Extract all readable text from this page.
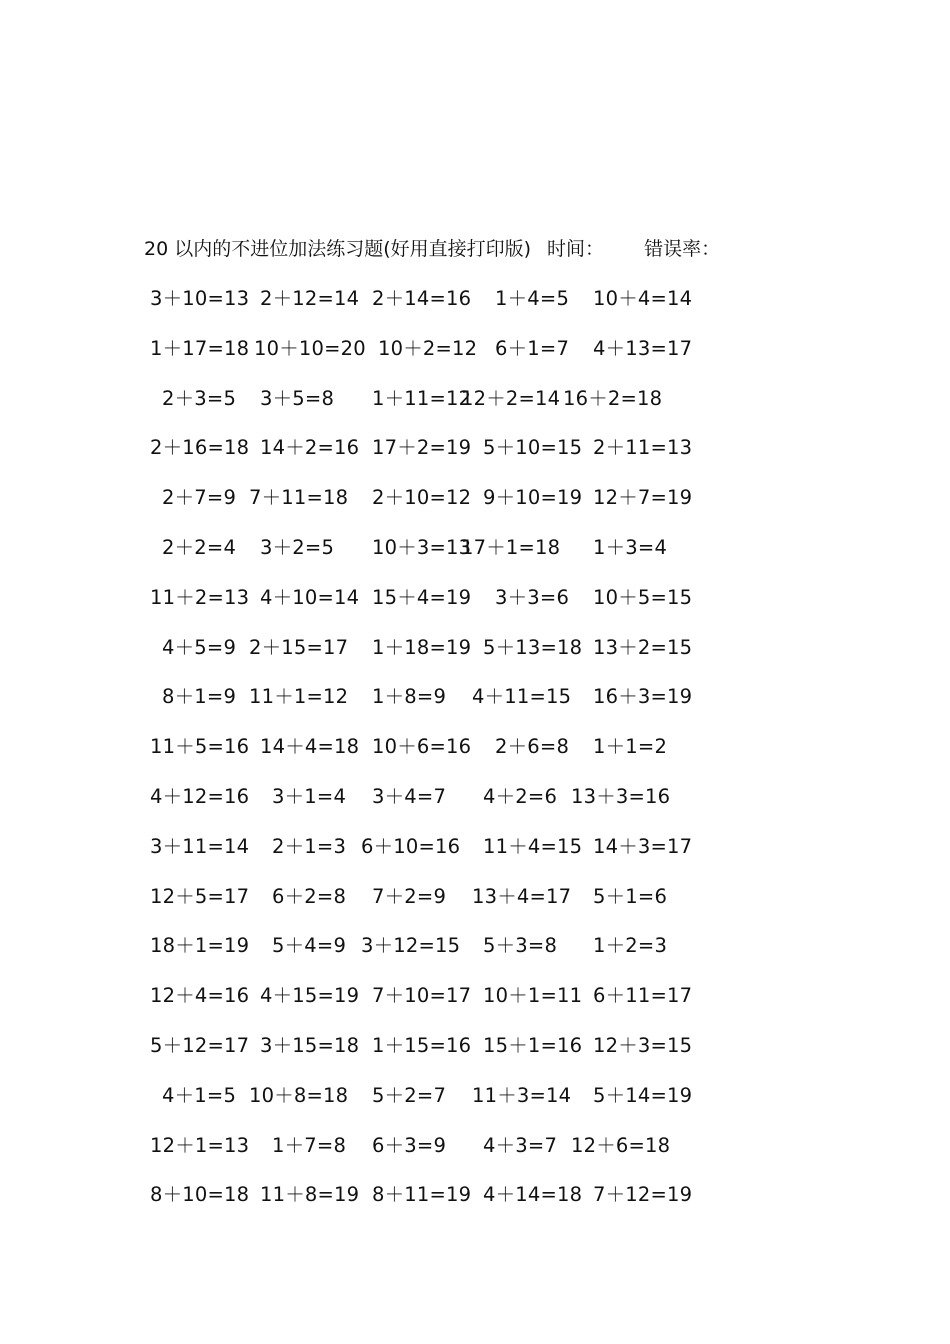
20 以内的不进位加法练习题(好用直接打印版) 时间： 错误率：
3＋10=13 2＋12=14 2＋14=16 1＋4=5 10＋4=14
1＋17=18 10＋10=20 10＋2=12 6＋1=7 4＋13=17
2＋3=5 3＋5=8 1＋11=12
12＋2=14 16＋2=18
2＋16=18 14＋2=16 17＋2=19 5＋10=15 2＋11=13
2＋7=9 7＋11=18 2＋10=12 9＋10=19 12＋7=19
2＋2=4 3＋2=5 10＋3=13
17＋1=18 1＋3=4
11＋2=13 4＋10=14 15＋4=19 3＋3=6 10＋5=15
4＋5=9 2＋15=17 1＋18=19 5＋13=18 13＋2=15
8＋1=9 11＋1=12 1＋8=9 4＋11=15 16＋3=19
11＋5=16 14＋4=18 10＋6=16 2＋6=8 1＋1=2
4＋12=16 3＋1=4 3＋4=7 4＋2=6 13＋3=16
3＋11=14 2＋1=3 6＋10=16 11＋4=15 14＋3=17
12＋5=17 6＋2=8 7＋2=9 13＋4=17 5＋1=6
18＋1=19 5＋4=9 3＋12=15 5＋3=8 1＋2=3
12＋4=16 4＋15=19 7＋10=17 10＋1=11 6＋11=17
5＋12=17 3＋15=18 1＋15=16 15＋1=16 12＋3=15
4＋1=5 10＋8=18 5＋2=7 11＋3=14 5＋14=19
12＋1=13 1＋7=8 6＋3=9 4＋3=7 12＋6=18
8＋10=18 11＋8=19 8＋11=19 4＋14=18 7＋12=19
